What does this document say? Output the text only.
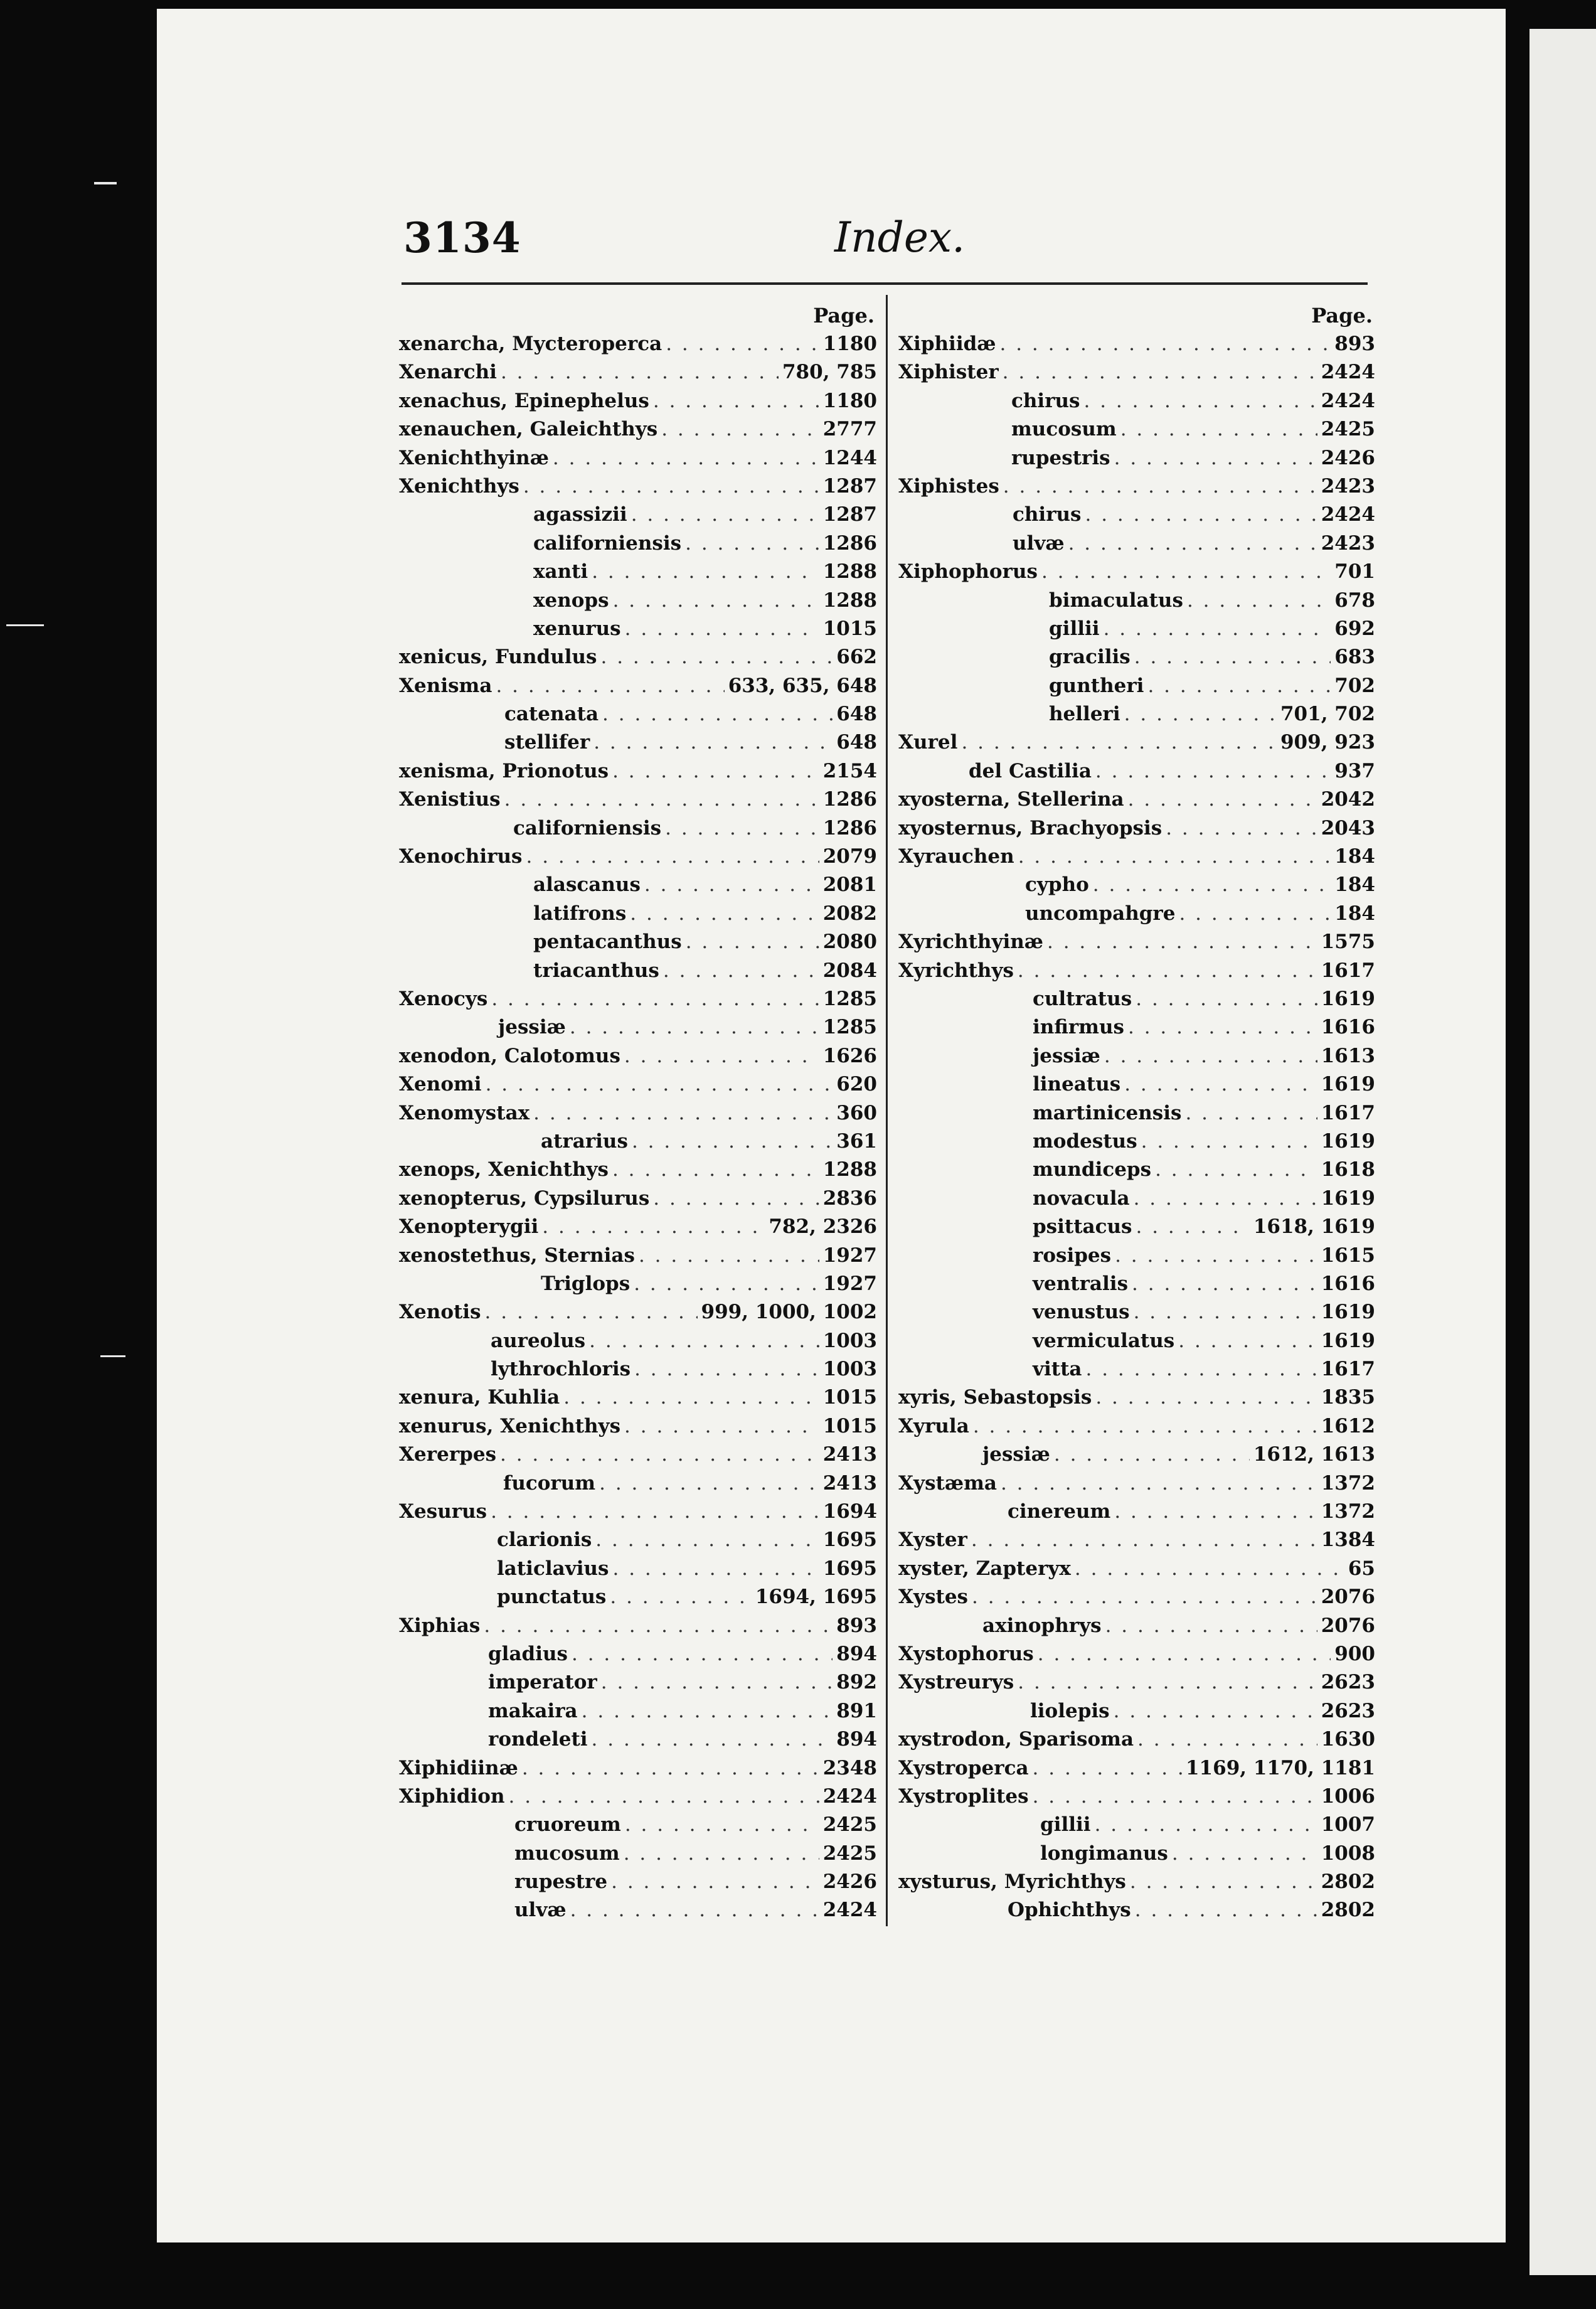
3134	Index.
Page.
xenarcha, Mycteroperca . . .	1180
Xenarchi . . .	780, 785
xenachus, Epinephelus . . .	1180
xenauchen, Galeichthys . . .	2777
Xenichthyinæ . . .	1244
Xenichthys . . .	1287
agassizii . . .	1287
californiensis . . .	1286
xanti . . .	1288
xenops . . .	1288
xenurus . . .	1015
xenicus, Fundulus . . .	662
Xenisma . . .	633, 635, 648
catenata . . .	648
stellifer . . .	648
xenisma, Prionotus . . .	2154
Xenistius . . .	1286
californiensis . . .	1286
Xenochirus . . .	2079
alascanus . . .	2081
latifrons . . .	2082
pentacanthus . . .	2080
triacanthus . . .	2084
Xenocys . . .	1285
jessiæ . . .	1285
xenodon, Calotomus . . .	1626
Xenomi . . .	620
Xenomystax . . .	360
atrarius . . .	361
xenops, Xenichthys . . .	1288
xenopterus, Cypsilurus . . .	2836
Xenopterygii . . .	782, 2326
xenostethus, Sternias . . .	1927
Triglops . . .	1927
Xenotis . . .	999, 1000, 1002
aureolus . . .	1003
lythrochloris . . .	1003
xenura, Kuhlia . . .	1015
xenurus, Xenichthys . . .	1015
Xererpes . . .	2413
fucorum . . .	2413
Xesurus . . .	1694
clarionis . . .	1695
laticlavius . . .	1695
punctatus . . .	1694, 1695
Xiphias . . .	893
gladius . . .	894
imperator . . .	892
makaira . . .	891
rondeleti . . .	894
Xiphidiinæ . . .	2348
Xiphidion . . .	2424
cruoreum . . .	2425
mucosum . . .	2425
rupestre . . .	2426
ulvæ . . .	2424
Page.
Xiphiidæ . . .	893
Xiphister . . .	2424
chirus . . .	2424
mucosum . . .	2425
rupestris . . .	2426
Xiphistes . . .	2423
chirus . . .	2424
ulvæ . . .	2423
Xiphophorus . . .	701
bimaculatus . . .	678
gillii . . .	692
gracilis . . .	683
guntheri . . .	702
helleri . . .	701, 702
Xurel . . .	909, 923
del Castilia . . .	937
xyosterna, Stellerina . . .	2042
xyosternus, Brachyopsis . . .	2043
Xyrauchen . . .	184
cypho . . .	184
uncompahgre . . .	184
Xyrichthyinæ . . .	1575
Xyrichthys . . .	1617
cultratus . . .	1619
infirmus . . .	1616
jessiæ . . .	1613
lineatus . . .	1619
martinicensis . . .	1617
modestus . . .	1619
mundiceps . . .	1618
novacula . . .	1619
psittacus . . .	1618, 1619
rosipes . . .	1615
ventralis . . .	1616
venustus . . .	1619
vermiculatus . . .	1619
vitta . . .	1617
xyris, Sebastopsis . . .	1835
Xyrula . . .	1612
jessiæ . . .	1612, 1613
Xystæma . . .	1372
cinereum . . .	1372
Xyster . . .	1384
xyster, Zapteryx . . .	65
Xystes . . .	2076
axinophrys . . .	2076
Xystophorus . . .	900
Xystreurys . . .	2623
liolepis . . .	2623
xystrodon, Sparisoma . . .	1630
Xystroperca . . .	1169, 1170, 1181
Xystroplites . . .	1006
gillii . . .	1007
longimanus . . .	1008
xysturus, Myrichthys . . .	2802
Ophichthys . . .	2802
